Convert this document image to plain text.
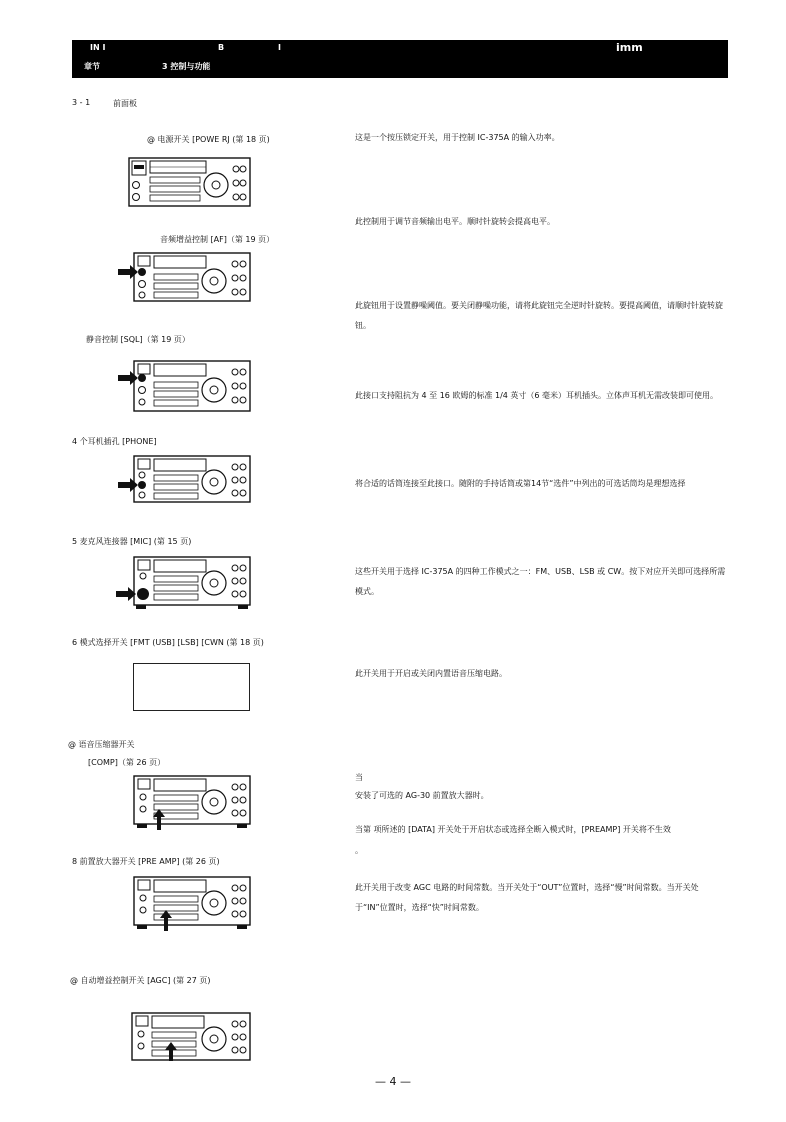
IN I	B	I	imm
章节	3 控制与功能
3 - 1	前面板
@ 电源开关 [POWE RJ (第 18 页)	这是一个按压锁定开关，用于控制 IC-375A 的输入功率。
此控制用于调节音频输出电平。顺时针旋转会提高电平。
音频增益控制 [AF]（第 19 页）
此旋钮用于设置静噪阈值。要关闭静噪功能，请将此旋钮完全逆时针旋转。要提高阈值，请顺时针旋转旋钮。
静音控制 [SQL]（第 19 页）
此接口支持阻抗为 4 至 16 欧姆的标准 1/4 英寸（6 毫米）耳机插头。立体声耳机无需改装即可使用。
4 个耳机插孔 [PHONE]
将合适的话筒连接至此接口。随附的手持话筒或第14节“选件”中列出的可选话筒均是理想选择
5 麦克风连接器 [MIC] (第 15 页)
这些开关用于选择 IC-375A 的四种工作模式之一：FM、USB、LSB 或 CW。按下对应开关即可选择所需模式。
6 模式选择开关 [FMT (USB] [LSB] [CWN (第 18 页)
此开关用于开启或关闭内置语音压缩电路。
@ 语音压缩器开关
[COMP]（第 26 页）
当
安装了可选的 AG-30 前置放大器时。
当第 项所述的 [DATA] 开关处于开启状态或选择全断入模式时，[PREAMP] 开关将不生效
。
8 前置放大器开关 [PRE AMP] (第 26 页)
此开关用于改变 AGC 电路的时间常数。当开关处于“OUT”位置时，选择“慢”时间常数。当开关处于“IN”位置时，选择“快”时间常数。
@ 自动增益控制开关 [AGC] (第 27 页)
— 4 —
